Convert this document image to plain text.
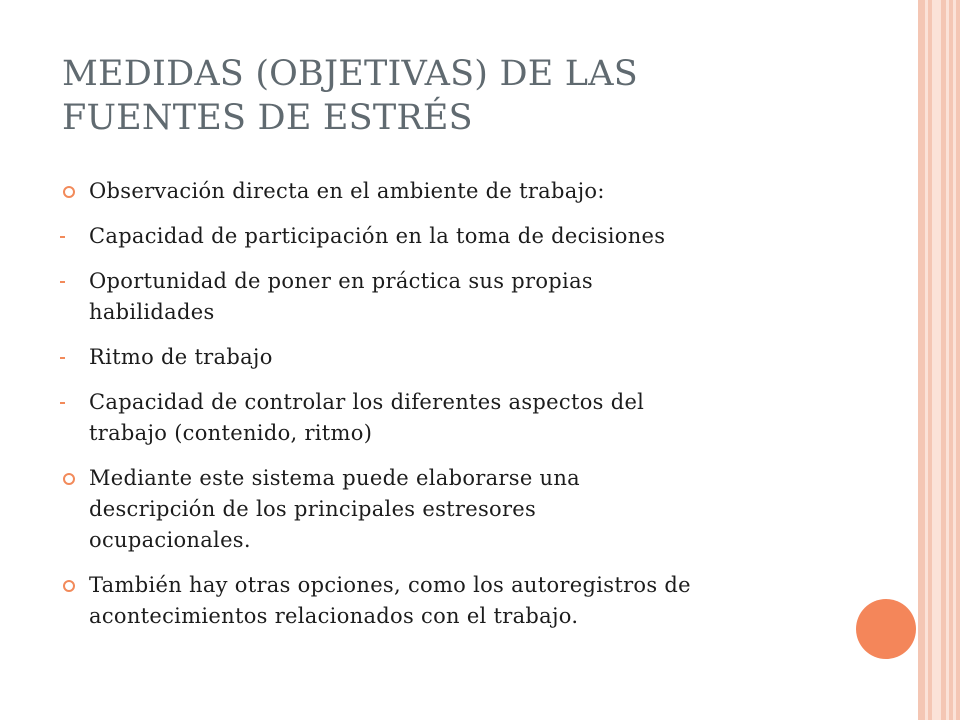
MEDIDAS (OBJETIVAS) DE LAS
FUENTES DE ESTRÉS
Observación directa en el ambiente de trabajo:
Capacidad de participación en la toma de decisiones
Oportunidad de poner en práctica sus propias
habilidades
Ritmo de trabajo
Capacidad de controlar los diferentes aspectos del
trabajo (contenido, ritmo)
Mediante este sistema puede elaborarse una
descripción de los principales estresores
ocupacionales.
También hay otras opciones, como los autoregistros de
acontecimientos relacionados con el trabajo.
